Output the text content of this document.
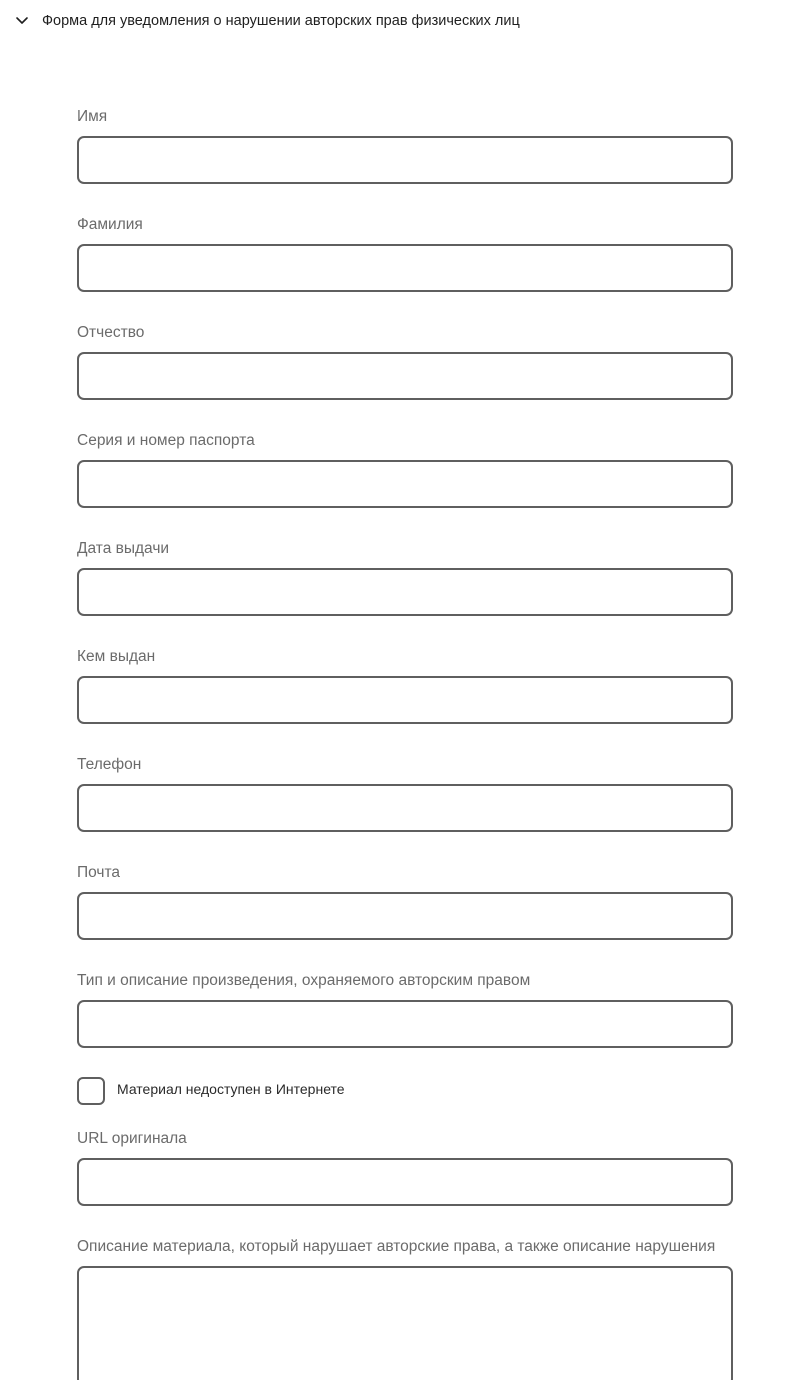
Форма для уведомления о нарушении авторских прав физических лиц
Имя
Фамилия
Отчество
Серия и номер паспорта
Дата выдачи
Кем выдан
Телефон
Почта
Тип и описание произведения, охраняемого авторским правом
Материал недоступен в Интернете
URL оригинала
Описание материала, который нарушает авторские права, а также описание нарушения
